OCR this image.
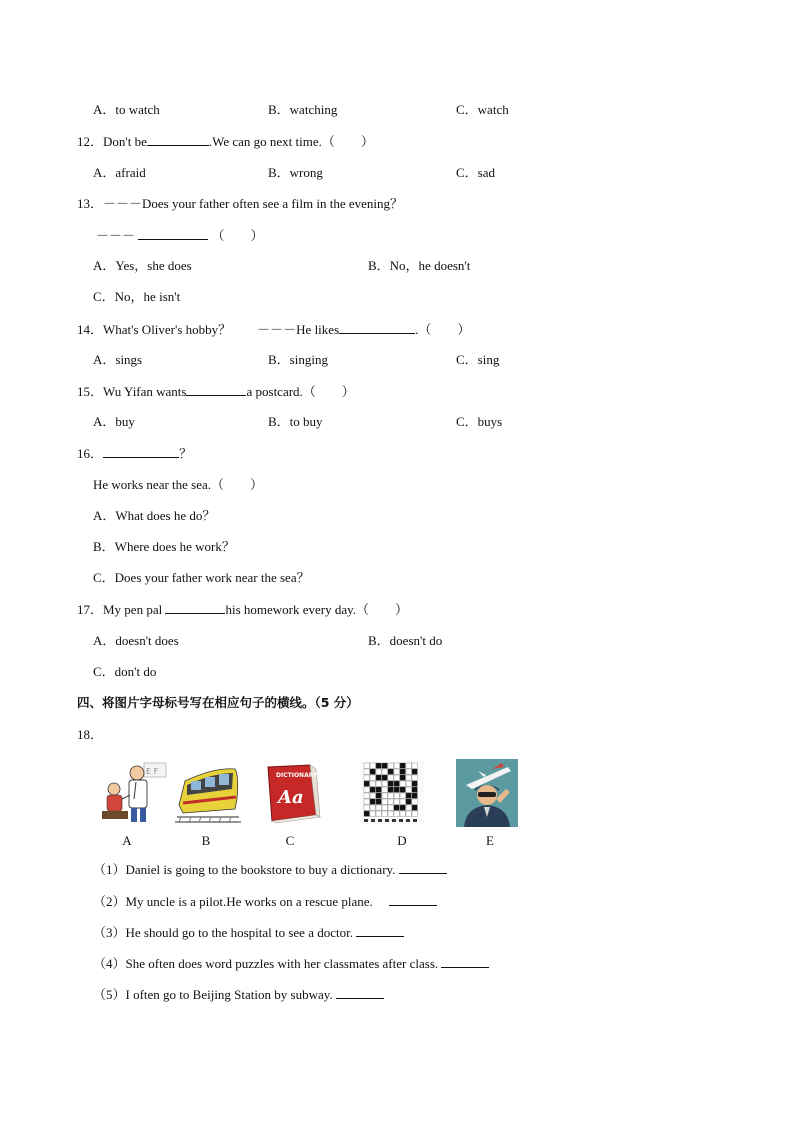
A．to watch	B．watching	C．watch
12．Don't be	.We can go next time.（　　）
A．afraid	B．wrong	C．sad
13．－－－Does your father often see a film in the evening？
－－－	（　　）
A．Yes，she does	B．No，he doesn't
C．No，he isn't
14．What's Oliver's hobby？　　－－－He likes	.（　　）
A．sings	B．singing	C．sing
15．Wu Yifan wants	a postcard.（　　）
A．buy	B．to buy	C．buys
16．	？
He works near the sea.（　　）
A．What does he do？
B．Where does he work？
C．Does your father work near the sea？
17．My pen pal	his homework every day.（　　）
A．doesn't does	B．doesn't do
C．don't do
四、将图片字母标号写在相应句子的横线。（5 分）
18．
E F	DICTIONARY
Aa
A	B	C	D	E
（1）Daniel is going to the bookstore to buy a dictionary.
（2）My uncle is a pilot.He works on a rescue plane.
（3）He should go to the hospital to see a doctor.
（4）She often does word puzzles with her classmates after class.
（5）I often go to Beijing Station by subway.
